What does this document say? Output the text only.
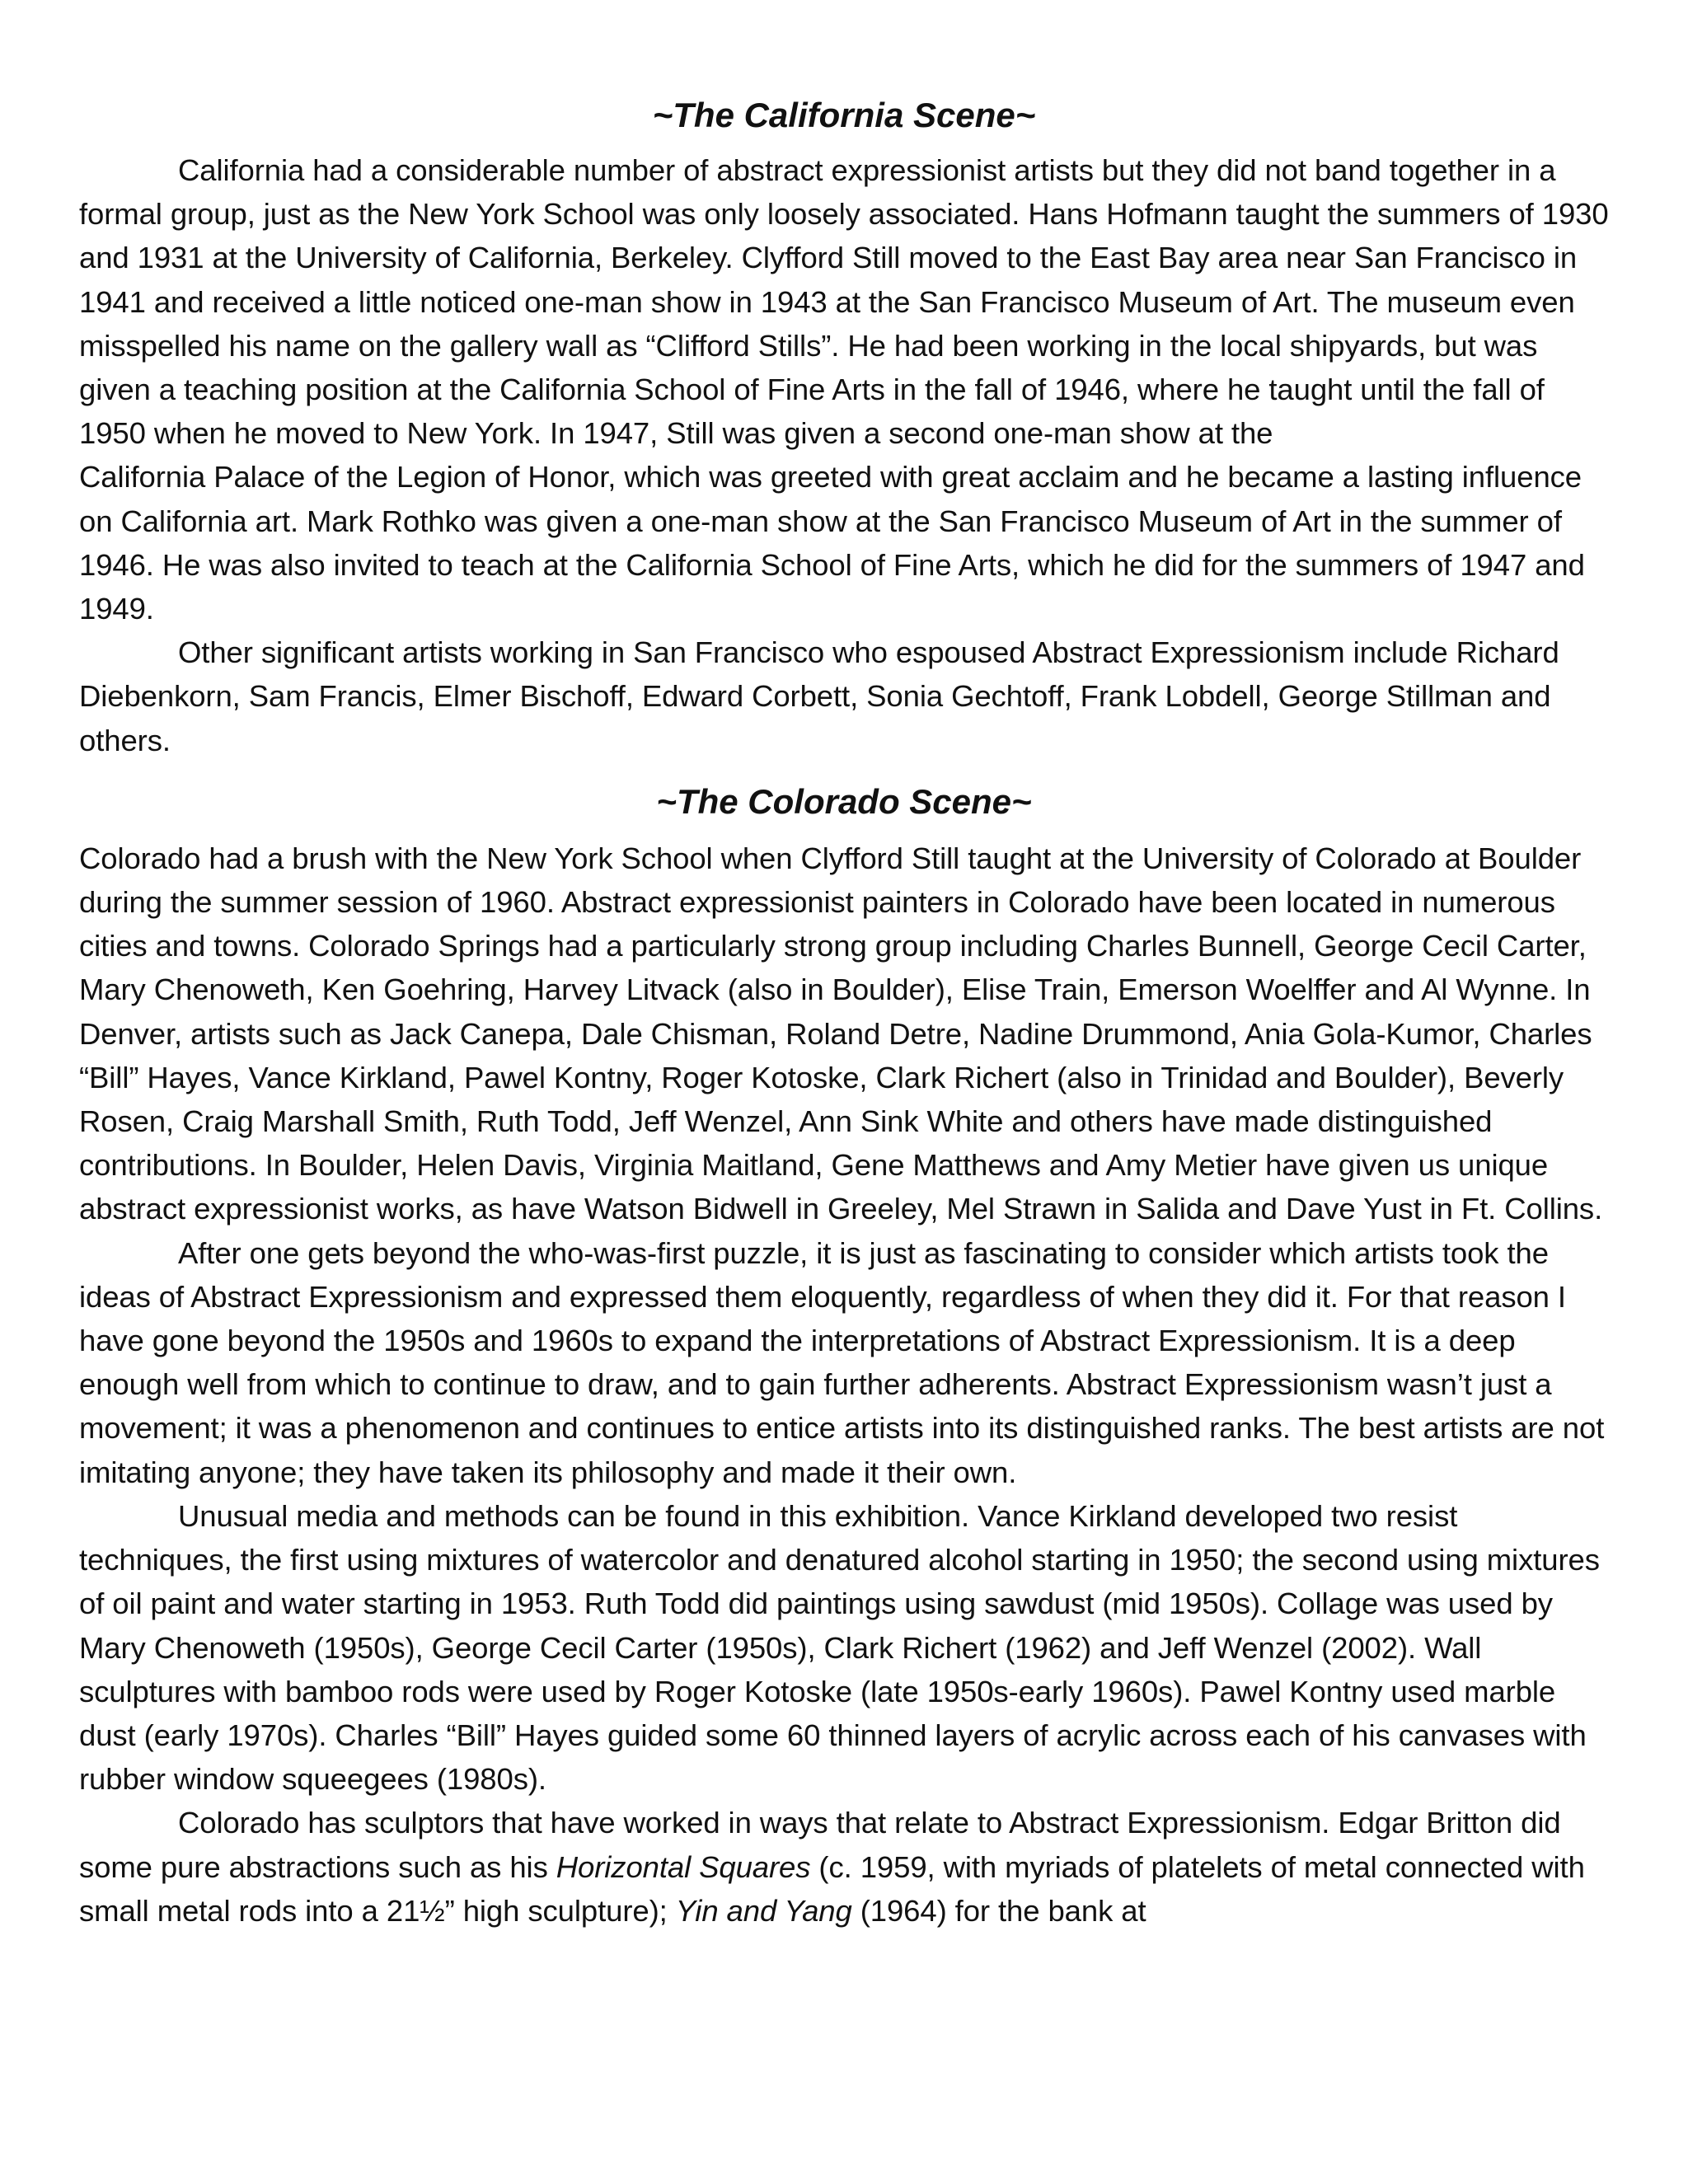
~The California Scene~

California had a considerable number of abstract expressionist artists but they did not band together in a formal group, just as the New York School was only loosely associated. Hans Hofmann taught the summers of 1930 and 1931 at the University of California, Berkeley. Clyfford Still moved to the East Bay area near San Francisco in 1941 and received a little noticed one-man show in 1943 at the San Francisco Museum of Art. The museum even misspelled his name on the gallery wall as “Clifford Stills”. He had been working in the local shipyards, but was given a teaching position at the California School of Fine Arts in the fall of 1946, where he taught until the fall of 1950 when he moved to New York. In 1947, Still was given a second one-man show at the

California Palace of the Legion of Honor, which was greeted with great acclaim and he became a lasting influence on California art. Mark Rothko was given a one-man show at the San Francisco Museum of Art in the summer of 1946. He was also invited to teach at the California School of Fine Arts, which he did for the summers of 1947 and 1949.

Other significant artists working in San Francisco who espoused Abstract Expressionism include Richard Diebenkorn, Sam Francis, Elmer Bischoff, Edward Corbett, Sonia Gechtoff, Frank Lobdell, George Stillman and others.

~The Colorado Scene~

Colorado had a brush with the New York School when Clyfford Still taught at the University of Colorado at Boulder during the summer session of 1960. Abstract expressionist painters in Colorado have been located in numerous cities and towns. Colorado Springs had a particularly strong group including Charles Bunnell, George Cecil Carter, Mary Chenoweth, Ken Goehring, Harvey Litvack (also in Boulder), Elise Train, Emerson Woelffer and Al Wynne. In Denver, artists such as Jack Canepa, Dale Chisman, Roland Detre, Nadine Drummond, Ania Gola-Kumor, Charles “Bill” Hayes, Vance Kirkland, Pawel Kontny, Roger Kotoske, Clark Richert (also in Trinidad and Boulder), Beverly Rosen, Craig Marshall Smith, Ruth Todd, Jeff Wenzel, Ann Sink White and others have made distinguished contributions. In Boulder, Helen Davis, Virginia Maitland, Gene Matthews and Amy Metier have given us unique abstract expressionist works, as have Watson Bidwell in Greeley, Mel Strawn in Salida and Dave Yust in Ft. Collins.

After one gets beyond the who-was-first puzzle, it is just as fascinating to consider which artists took the ideas of Abstract Expressionism and expressed them eloquently, regardless of when they did it. For that reason I have gone beyond the 1950s and 1960s to expand the interpretations of Abstract Expressionism. It is a deep enough well from which to continue to draw, and to gain further adherents. Abstract Expressionism wasn’t just a movement; it was a phenomenon and continues to entice artists into its distinguished ranks. The best artists are not imitating anyone; they have taken its philosophy and made it their own.

Unusual media and methods can be found in this exhibition. Vance Kirkland developed two resist techniques, the first using mixtures of watercolor and denatured alcohol starting in 1950; the second using mixtures of oil paint and water starting in 1953. Ruth Todd did paintings using sawdust (mid 1950s). Collage was used by Mary Chenoweth (1950s), George Cecil Carter (1950s), Clark Richert (1962) and Jeff Wenzel (2002). Wall sculptures with bamboo rods were used by Roger Kotoske (late 1950s-early 1960s). Pawel Kontny used marble dust (early 1970s). Charles “Bill” Hayes guided some 60 thinned layers of acrylic across each of his canvases with rubber window squeegees (1980s).

Colorado has sculptors that have worked in ways that relate to Abstract Expressionism. Edgar Britton did some pure abstractions such as his Horizontal Squares (c. 1959, with myriads of platelets of metal connected with small metal rods into a 21½” high sculpture); Yin and Yang (1964) for the bank at
